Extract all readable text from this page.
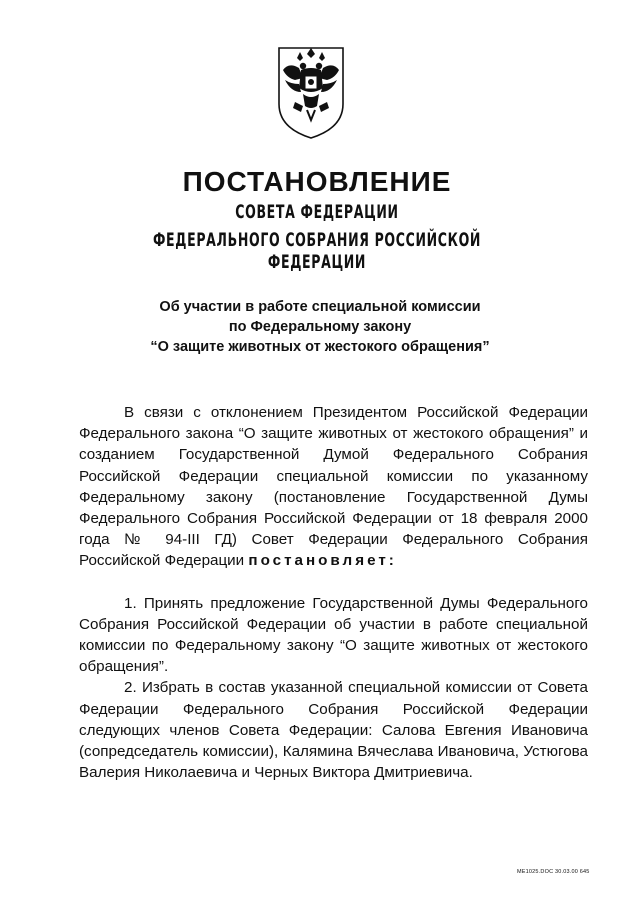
ПОСТАНОВЛЕНИЕ
СОВЕТА ФЕДЕРАЦИИ
ФЕДЕРАЛЬНОГО СОБРАНИЯ РОССИЙСКОЙ ФЕДЕРАЦИИ
Об участии в работе специальной комиссии
по Федеральному закону
“О защите животных от жестокого обращения”

В связи с отклонением Президентом Российской Федерации Федерального закона “О защите животных от жестокого обращения” и созданием Государственной Думой Федерального Собрания Российской Федерации специальной комиссии по указанному Федеральному закону (постановление Государственной Думы Федерального Собрания Российской Федерации от 18 февраля 2000 года № 94-III ГД) Совет Федерации Федерального Собрания Российской Федерации постановляет:

1. Принять предложение Государственной Думы Федерального Собрания Российской Федерации об участии в работе специальной комиссии по Федеральному закону “О защите животных от жестокого обращения”.

2. Избрать в состав указанной специальной комиссии от Совета Федерации Федерального Собрания Российской Федерации следующих членов Совета Федерации: Салова Евгения Ивановича (сопредседатель комиссии), Калямина Вячеслава Ивановича, Устюгова Валерия Николаевича и Черных Виктора Дмитриевича.

ME1025.DOC 30.03.00 645
